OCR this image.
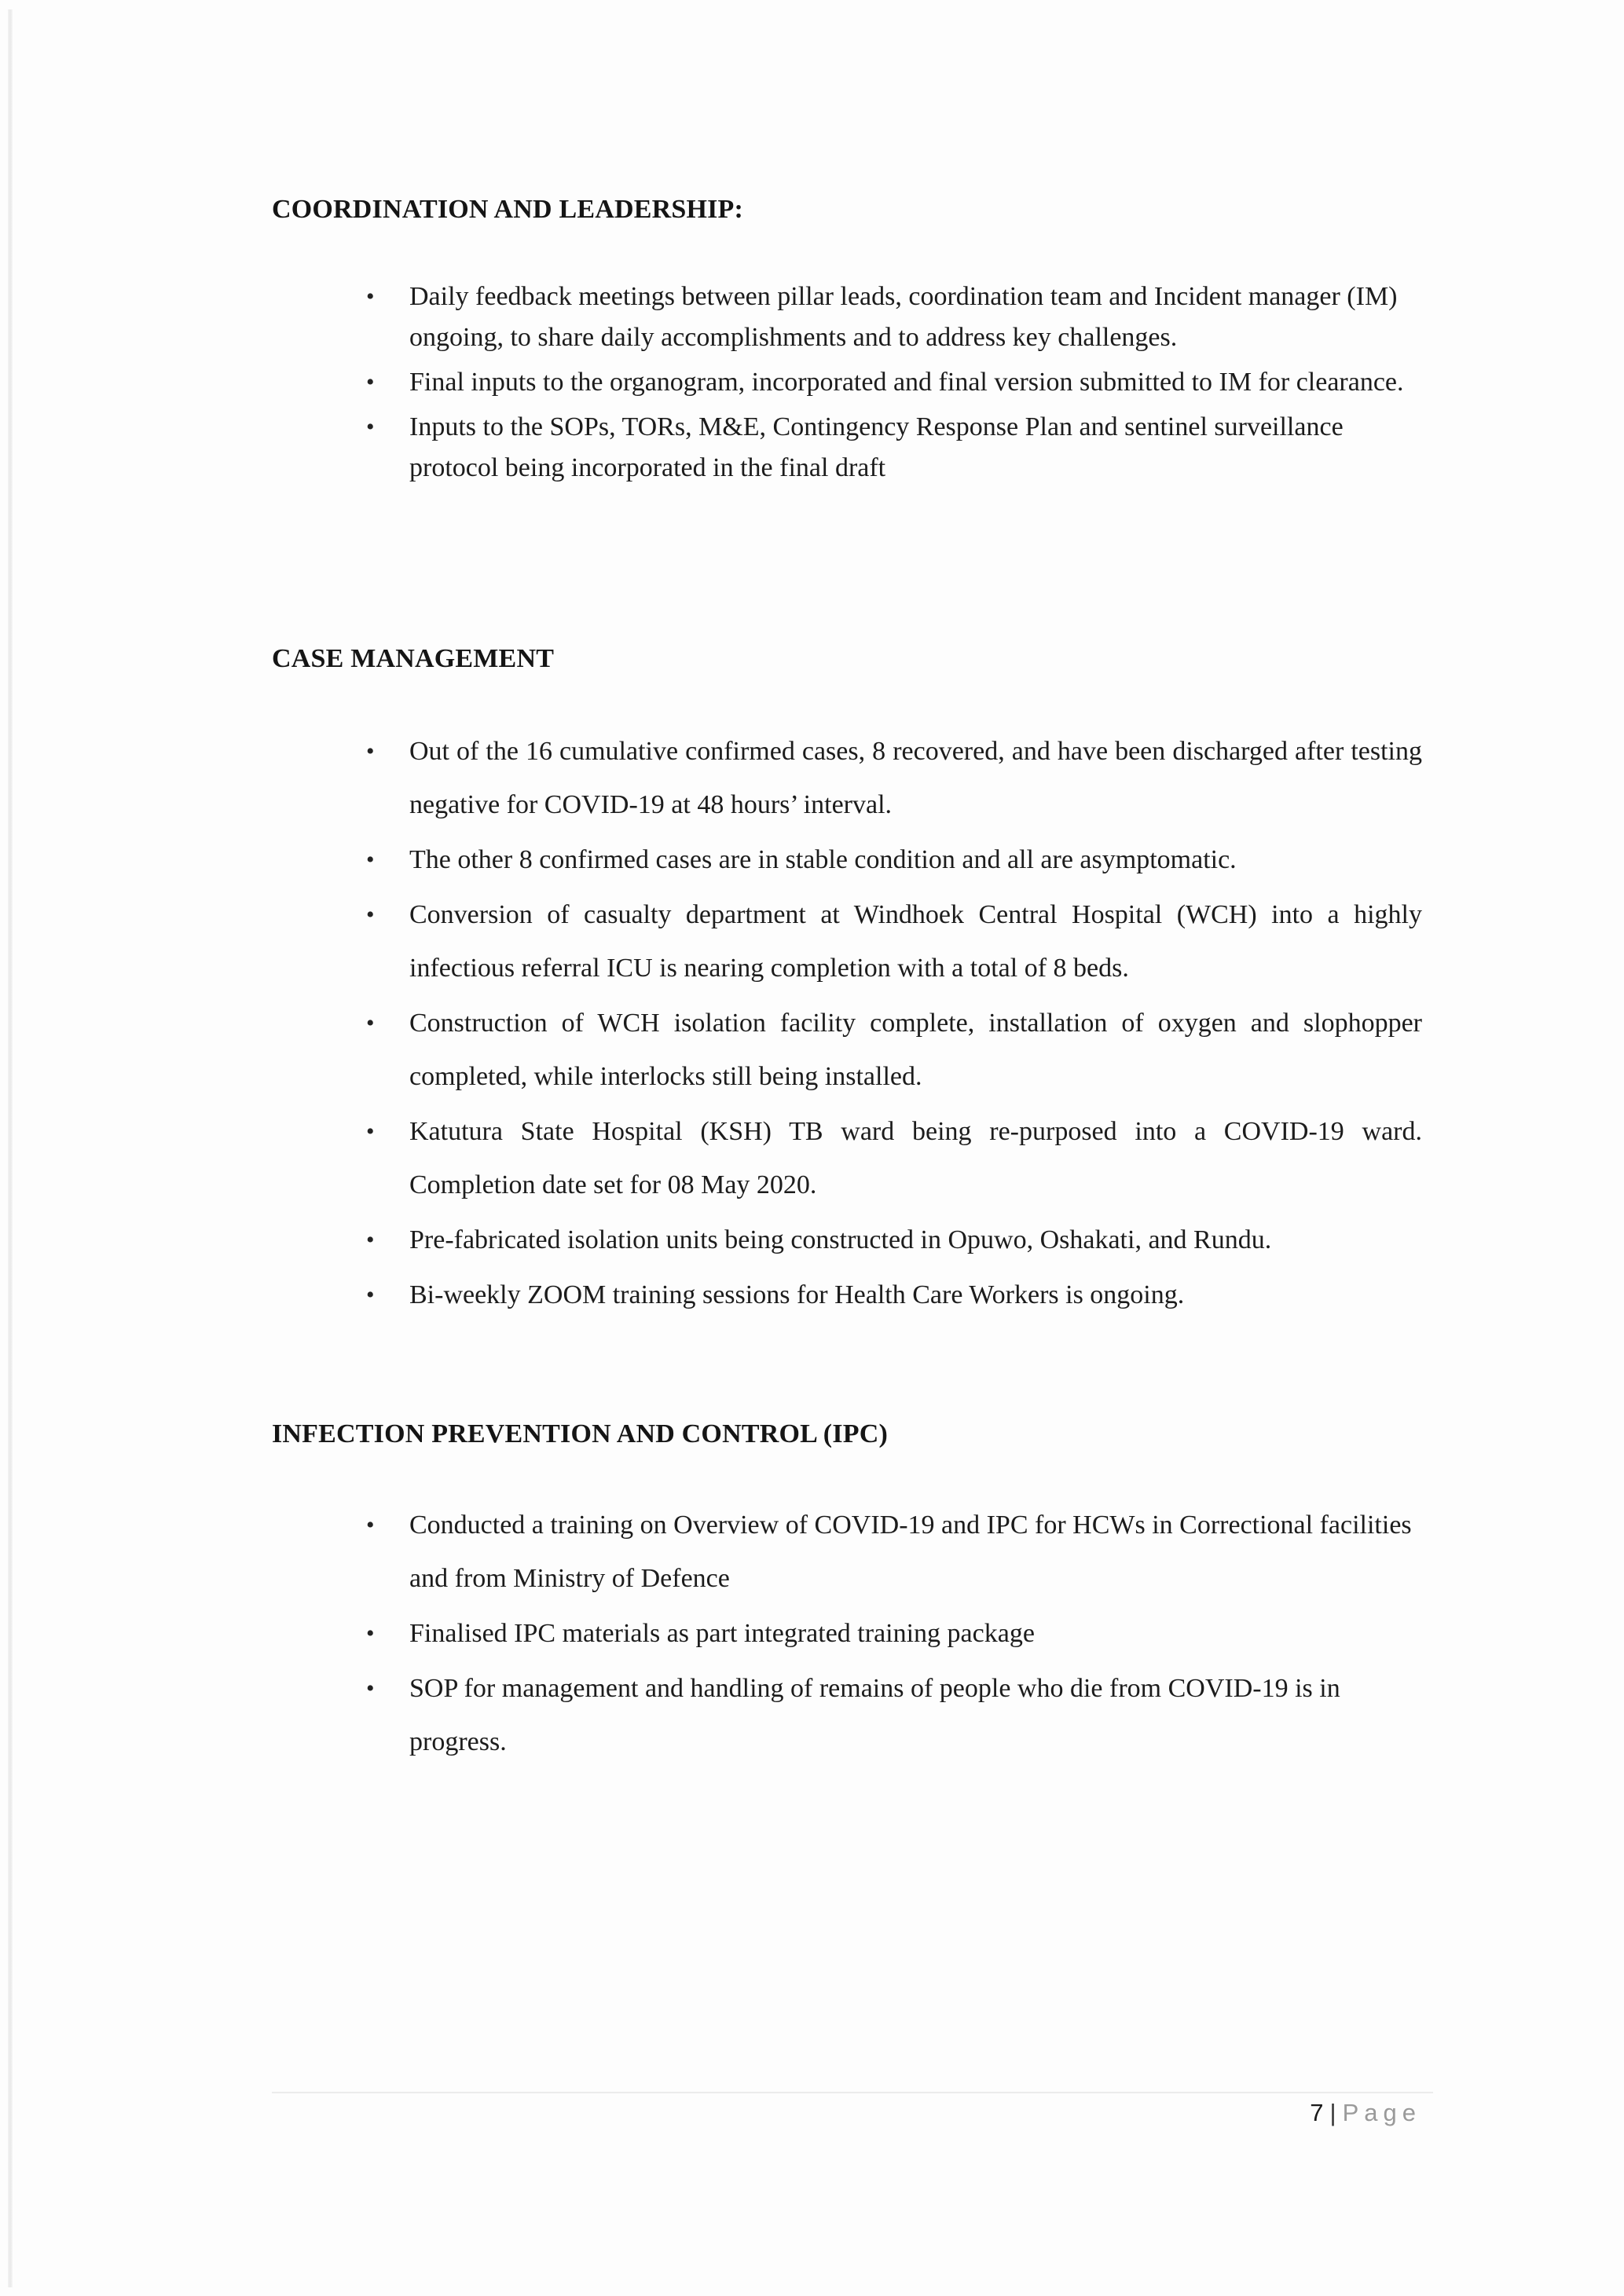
COORDINATION AND LEADERSHIP:
• Daily feedback meetings between pillar leads, coordination team and Incident manager (IM) ongoing, to share daily accomplishments and to address key challenges.
• Final inputs to the organogram, incorporated and final version submitted to IM for clearance.
• Inputs to the SOPs, TORs, M&E, Contingency Response Plan and sentinel surveillance protocol being incorporated in the final draft
CASE MANAGEMENT
• Out of the 16 cumulative confirmed cases, 8 recovered, and have been discharged after testing negative for COVID-19 at 48 hours’ interval.
• The other 8 confirmed cases are in stable condition and all are asymptomatic.
• Conversion of casualty department at Windhoek Central Hospital (WCH) into a highly infectious referral ICU is nearing completion with a total of 8 beds.
• Construction of WCH isolation facility complete, installation of oxygen and slophopper completed, while interlocks still being installed.
• Katutura State Hospital (KSH) TB ward being re-purposed into a COVID-19 ward. Completion date set for 08 May 2020.
• Pre-fabricated isolation units being constructed in Opuwo, Oshakati, and Rundu.
• Bi-weekly ZOOM training sessions for Health Care Workers is ongoing.
INFECTION PREVENTION AND CONTROL (IPC)
• Conducted a training on Overview of COVID-19 and IPC for HCWs in Correctional facilities and from Ministry of Defence
• Finalised IPC materials as part integrated training package
• SOP for management and handling of remains of people who die from COVID-19 is in progress.
7 | Page
